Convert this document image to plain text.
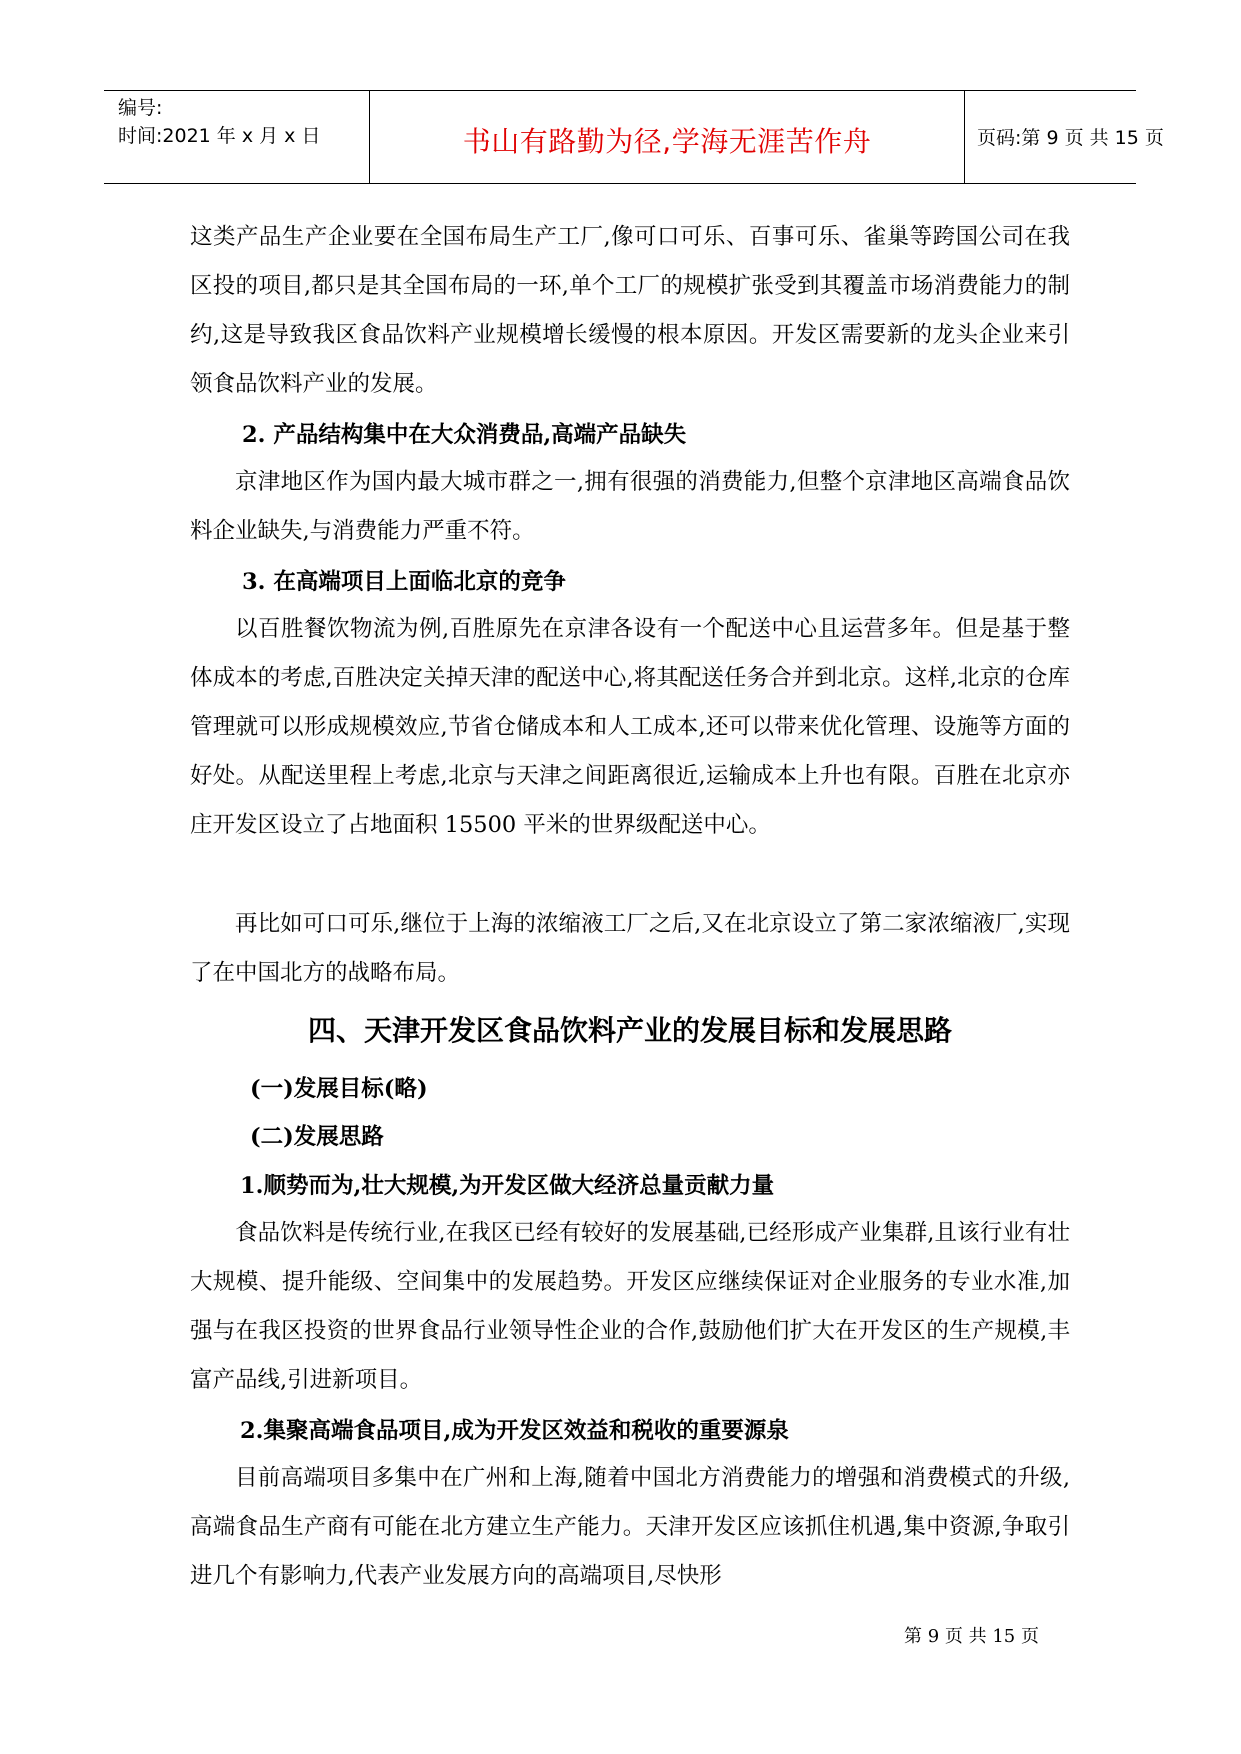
编号:
时间:2021 年 x 月 x 日	书山有路勤为径,学海无涯苦作舟	页码:第 9 页 共 15 页
这类产品生产企业要在全国布局生产工厂,像可口可乐、百事可乐、雀巢等跨国公司在我区投的项目,都只是其全国布局的一环,单个工厂的规模扩张受到其覆盖市场消费能力的制约,这是导致我区食品饮料产业规模增长缓慢的根本原因。开发区需要新的龙头企业来引领食品饮料产业的发展。
2. 产品结构集中在大众消费品,高端产品缺失
京津地区作为国内最大城市群之一,拥有很强的消费能力,但整个京津地区高端食品饮料企业缺失,与消费能力严重不符。
3. 在高端项目上面临北京的竞争
以百胜餐饮物流为例,百胜原先在京津各设有一个配送中心且运营多年。但是基于整体成本的考虑,百胜决定关掉天津的配送中心,将其配送任务合并到北京。这样,北京的仓库管理就可以形成规模效应,节省仓储成本和人工成本,还可以带来优化管理、设施等方面的好处。从配送里程上考虑,北京与天津之间距离很近,运输成本上升也有限。百胜在北京亦庄开发区设立了占地面积 15500 平米的世界级配送中心。
再比如可口可乐,继位于上海的浓缩液工厂之后,又在北京设立了第二家浓缩液厂,实现了在中国北方的战略布局。
四、天津开发区食品饮料产业的发展目标和发展思路
(一)发展目标(略)
(二)发展思路
1.顺势而为,壮大规模,为开发区做大经济总量贡献力量
食品饮料是传统行业,在我区已经有较好的发展基础,已经形成产业集群,且该行业有壮大规模、提升能级、空间集中的发展趋势。开发区应继续保证对企业服务的专业水准,加强与在我区投资的世界食品行业领导性企业的合作,鼓励他们扩大在开发区的生产规模,丰富产品线,引进新项目。
2.集聚高端食品项目,成为开发区效益和税收的重要源泉
目前高端项目多集中在广州和上海,随着中国北方消费能力的增强和消费模式的升级,高端食品生产商有可能在北方建立生产能力。天津开发区应该抓住机遇,集中资源,争取引进几个有影响力,代表产业发展方向的高端项目,尽快形
第 9 页 共 15 页
